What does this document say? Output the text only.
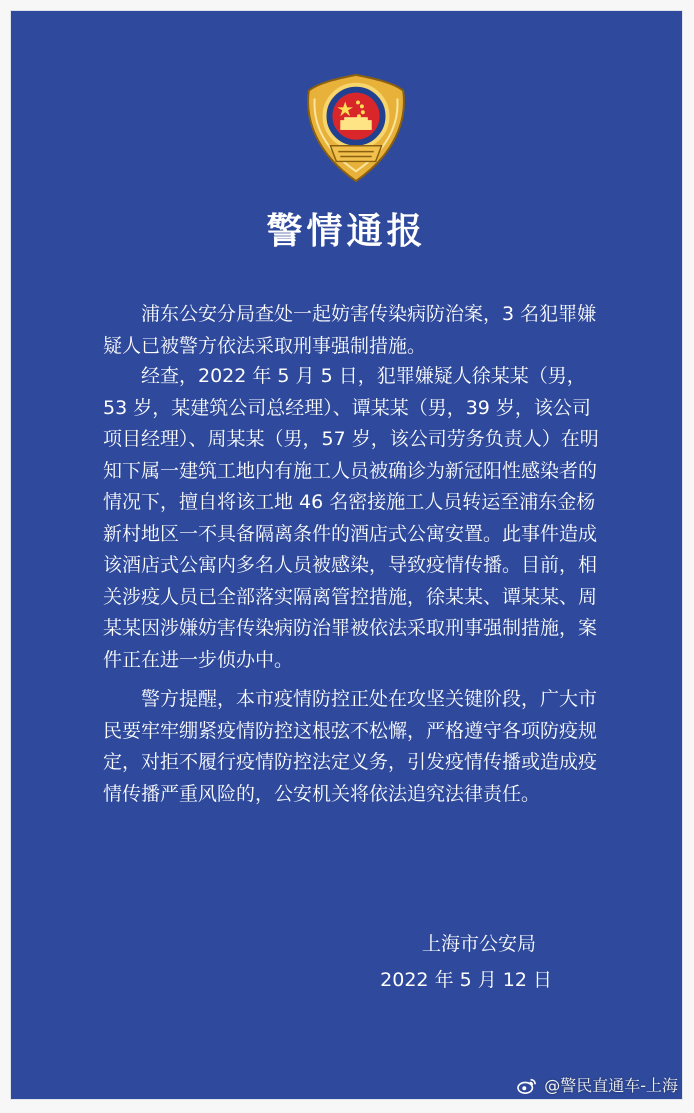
警情通报

浦东公安分局查处一起妨害传染病防治案，3 名犯罪嫌疑人已被警方依法采取刑事强制措施。

经查，2022 年 5 月 5 日，犯罪嫌疑人徐某某（男，53 岁，某建筑公司总经理）、谭某某（男，39 岁，该公司项目经理）、周某某（男，57 岁，该公司劳务负责人）在明知下属一建筑工地内有施工人员被确诊为新冠阳性感染者的情况下，擅自将该工地 46 名密接施工人员转运至浦东金杨新村地区一不具备隔离条件的酒店式公寓安置。此事件造成该酒店式公寓内多名人员被感染，导致疫情传播。目前，相关涉疫人员已全部落实隔离管控措施，徐某某、谭某某、周某某因涉嫌妨害传染病防治罪被依法采取刑事强制措施，案件正在进一步侦办中。

警方提醒，本市疫情防控正处在攻坚关键阶段，广大市民要牢牢绷紧疫情防控这根弦不松懈，严格遵守各项防疫规定，对拒不履行疫情防控法定义务，引发疫情传播或造成疫情传播严重风险的，公安机关将依法追究法律责任。

上海市公安局
2022 年 5 月 12 日
@警民直通车-上海
